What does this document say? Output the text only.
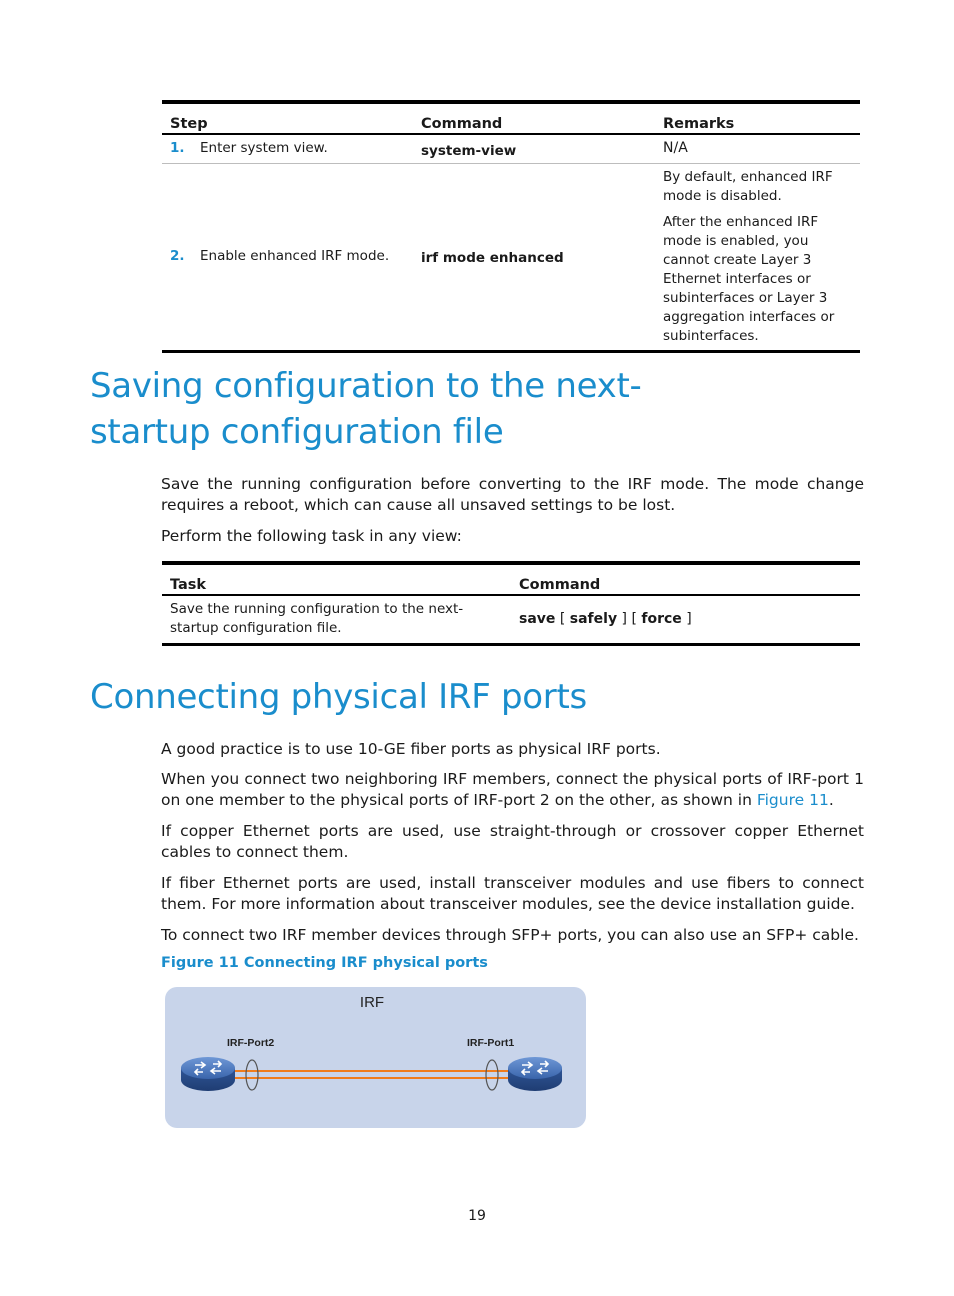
Step	Command	Remarks
1. Enter system view.	system-view	N/A
2. Enable enhanced IRF mode.	irf mode enhanced	By default, enhanced IRF mode is disabled.
After the enhanced IRF mode is enabled, you cannot create Layer 3 Ethernet interfaces or subinterfaces or Layer 3 aggregation interfaces or subinterfaces.
Saving configuration to the next-startup configuration file

Save the running configuration before converting to the IRF mode. The mode change requires a reboot, which can cause all unsaved settings to be lost.

Perform the following task in any view:

Task	Command
Save the running configuration to the next-startup configuration file.	save [ safely ] [ force ]
Connecting physical IRF ports

A good practice is to use 10-GE fiber ports as physical IRF ports.

When you connect two neighboring IRF members, connect the physical ports of IRF-port 1 on one member to the physical ports of IRF-port 2 on the other, as shown in Figure 11.

If copper Ethernet ports are used, use straight-through or crossover copper Ethernet cables to connect them.

If fiber Ethernet ports are used, install transceiver modules and use fibers to connect them. For more information about transceiver modules, see the device installation guide.

To connect two IRF member devices through SFP+ ports, you can also use an SFP+ cable.

Figure 11 Connecting IRF physical ports

IRF
IRF-Port2	IRF-Port1
19
